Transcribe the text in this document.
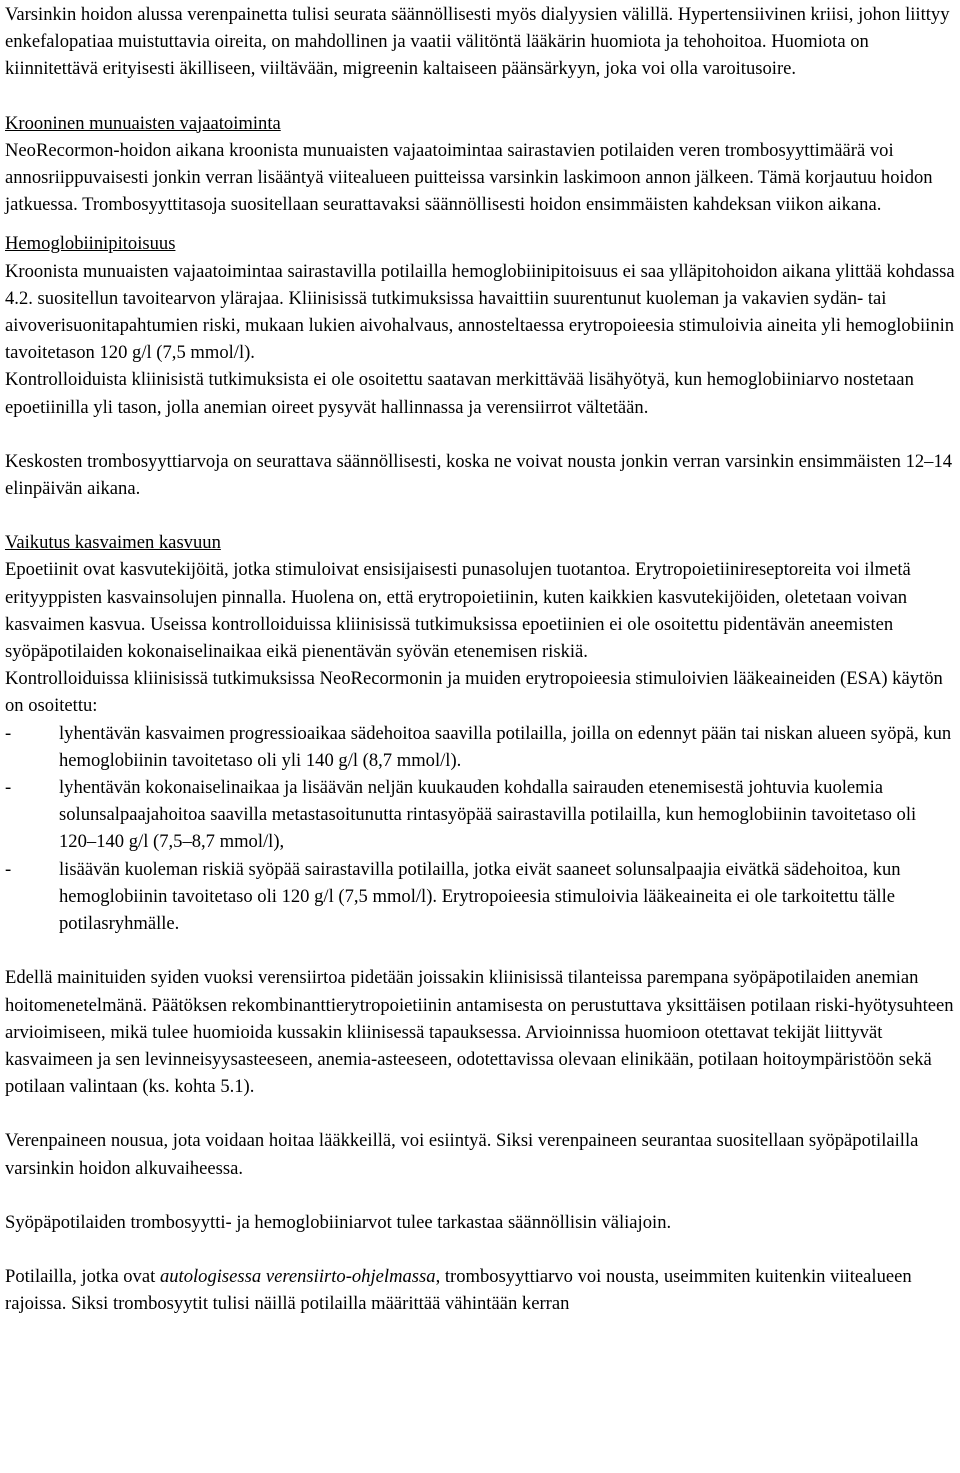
Varsinkin hoidon alussa verenpainetta tulisi seurata säännöllisesti myös dialyysien välillä. Hypertensiivinen kriisi, johon liittyy enkefalopatiaa muistuttavia oireita, on mahdollinen ja vaatii välitöntä lääkärin huomiota ja tehohoitoa. Huomiota on kiinnitettävä erityisesti äkilliseen, viiltävään, migreenin kaltaiseen päänsärkyyn, joka voi olla varoitusoire.

Krooninen munuaisten vajaatoiminta

NeoRecormon-hoidon aikana kroonista munuaisten vajaatoimintaa sairastavien potilaiden veren trombosyyttimäärä voi annosriippuvaisesti jonkin verran lisääntyä viitealueen puitteissa varsinkin laskimoon annon jälkeen. Tämä korjautuu hoidon jatkuessa. Trombosyyttitasoja suositellaan seurattavaksi säännöllisesti hoidon ensimmäisten kahdeksan viikon aikana.

Hemoglobiinipitoisuus

Kroonista munuaisten vajaatoimintaa sairastavilla potilailla hemoglobiinipitoisuus ei saa ylläpitohoidon aikana ylittää kohdassa 4.2. suositellun tavoitearvon ylärajaa. Kliinisissä tutkimuksissa havaittiin suurentunut kuoleman ja vakavien sydän- tai aivoverisuonitapahtumien riski, mukaan lukien aivohalvaus, annosteltaessa erytropoieesia stimuloivia aineita yli hemoglobiinin tavoitetason 120 g/l (7,5 mmol/l).

Kontrolloiduista kliinisistä tutkimuksista ei ole osoitettu saatavan merkittävää lisähyötyä, kun hemoglobiiniarvo nostetaan epoetiinilla yli tason, jolla anemian oireet pysyvät hallinnassa ja verensiirrot vältetään.

Keskosten trombosyyttiarvoja on seurattava säännöllisesti, koska ne voivat nousta jonkin verran varsinkin ensimmäisten 12–14 elinpäivän aikana.

Vaikutus kasvaimen kasvuun

Epoetiinit ovat kasvutekijöitä, jotka stimuloivat ensisijaisesti punasolujen tuotantoa. Erytropoietiinireseptoreita voi ilmetä erityyppisten kasvainsolujen pinnalla. Huolena on, että erytropoietiinin, kuten kaikkien kasvutekijöiden, oletetaan voivan kasvaimen kasvua. Useissa kontrolloiduissa kliinisissä tutkimuksissa epoetiinien ei ole osoitettu pidentävän aneemisten syöpäpotilaiden kokonaiselinaikaa eikä pienentävän syövän etenemisen riskiä.

Kontrolloiduissa kliinisissä tutkimuksissa NeoRecormonin ja muiden erytropoieesia stimuloivien lääkeaineiden (ESA) käytön on osoitettu:

-	lyhentävän kasvaimen progressioaikaa sädehoitoa saavilla potilailla, joilla on edennyt pään tai niskan alueen syöpä, kun hemoglobiinin tavoitetaso oli yli 140 g/l (8,7 mmol/l).
-	lyhentävän kokonaiselinaikaa ja lisäävän neljän kuukauden kohdalla sairauden etenemisestä johtuvia kuolemia solunsalpaajahoitoa saavilla metastasoitunutta rintasyöpää sairastavilla potilailla, kun hemoglobiinin tavoitetaso oli 120–140 g/l (7,5–8,7 mmol/l),
-	lisäävän kuoleman riskiä syöpää sairastavilla potilailla, jotka eivät saaneet solunsalpaajia eivätkä sädehoitoa, kun hemoglobiinin tavoitetaso oli 120 g/l (7,5 mmol/l). Erytropoieesia stimuloivia lääkeaineita ei ole tarkoitettu tälle potilasryhmälle.

Edellä mainituiden syiden vuoksi verensiirtoa pidetään joissakin kliinisissä tilanteissa parempana syöpäpotilaiden anemian hoitomenetelmänä. Päätöksen rekombinanttierytropoietiinin antamisesta on perustuttava yksittäisen potilaan riski-hyötysuhteen arvioimiseen, mikä tulee huomioida kussakin kliinisessä tapauksessa. Arvioinnissa huomioon otettavat tekijät liittyvät kasvaimeen ja sen levinneisyysasteeseen, anemia-asteeseen, odotettavissa olevaan elinikään, potilaan hoitoympäristöön sekä potilaan valintaan (ks. kohta 5.1).

Verenpaineen nousua, jota voidaan hoitaa lääkkeillä, voi esiintyä. Siksi verenpaineen seurantaa suositellaan syöpäpotilailla varsinkin hoidon alkuvaiheessa.

Syöpäpotilaiden trombosyytti- ja hemoglobiiniarvot tulee tarkastaa säännöllisin väliajoin.

Potilailla, jotka ovat autologisessa verensiirto-ohjelmassa, trombosyyttiarvo voi nousta, useimmiten kuitenkin viitealueen rajoissa. Siksi trombosyytit tulisi näillä potilailla määrittää vähintään kerran
